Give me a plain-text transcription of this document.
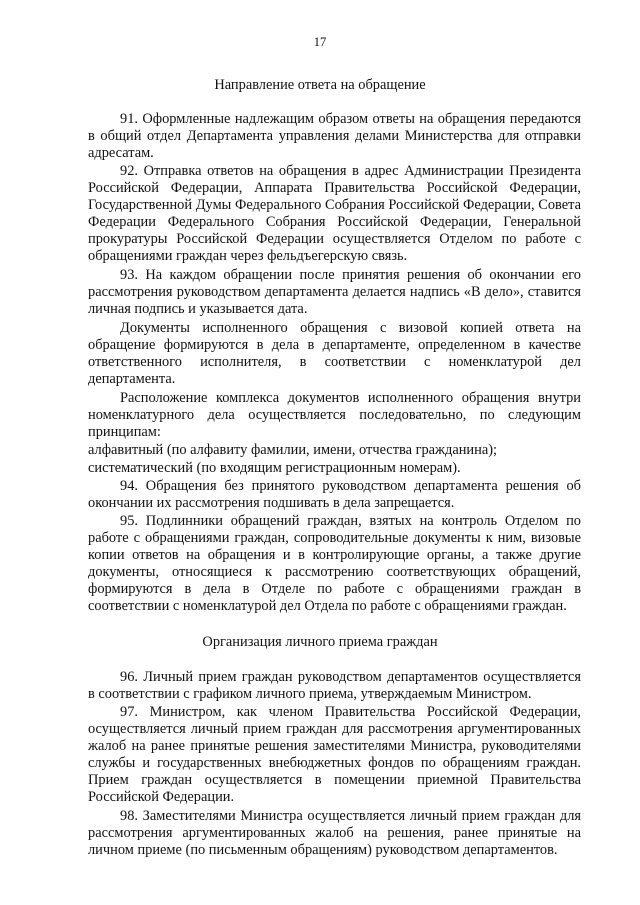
17
Направление ответа на обращение

91. Оформленные надлежащим образом ответы на обращения передаются в общий отдел Департамента управления делами Министерства для отправки адресатам.

92. Отправка ответов на обращения в адрес Администрации Президента Российской Федерации, Аппарата Правительства Российской Федерации, Государственной Думы Федерального Собрания Российской Федерации, Совета Федерации Федерального Собрания Российской Федерации, Генеральной прокуратуры Российской Федерации осуществляется Отделом по работе с обращениями граждан через фельдъегерскую связь.

93. На каждом обращении после принятия решения об окончании его рассмотрения руководством департамента делается надпись «В дело», ставится личная подпись и указывается дата.

Документы исполненного обращения с визовой копией ответа на обращение формируются в дела в департаменте, определенном в качестве ответственного исполнителя, в соответствии с номенклатурой дел департамента.

Расположение комплекса документов исполненного обращения внутри номенклатурного дела осуществляется последовательно, по следующим принципам:

алфавитный (по алфавиту фамилии, имени, отчества гражданина);

систематический (по входящим регистрационным номерам).

94. Обращения без принятого руководством департамента решения об окончании их рассмотрения подшивать в дела запрещается.

95. Подлинники обращений граждан, взятых на контроль Отделом по работе с обращениями граждан, сопроводительные документы к ним, визовые копии ответов на обращения и в контролирующие органы, а также другие документы, относящиеся к рассмотрению соответствующих обращений, формируются в дела в Отделе по работе с обращениями граждан в соответствии с номенклатурой дел Отдела по работе с обращениями граждан.

Организация личного приема граждан

96. Личный прием граждан руководством департаментов осуществляется в соответствии с графиком личного приема, утверждаемым Министром.

97. Министром, как членом Правительства Российской Федерации, осуществляется личный прием граждан для рассмотрения аргументированных жалоб на ранее принятые решения заместителями Министра, руководителями службы и государственных внебюджетных фондов по обращениям граждан. Прием граждан осуществляется в помещении приемной Правительства Российской Федерации.

98. Заместителями Министра осуществляется личный прием граждан для рассмотрения аргументированных жалоб на решения, ранее принятые на личном приеме (по письменным обращениям) руководством департаментов.
